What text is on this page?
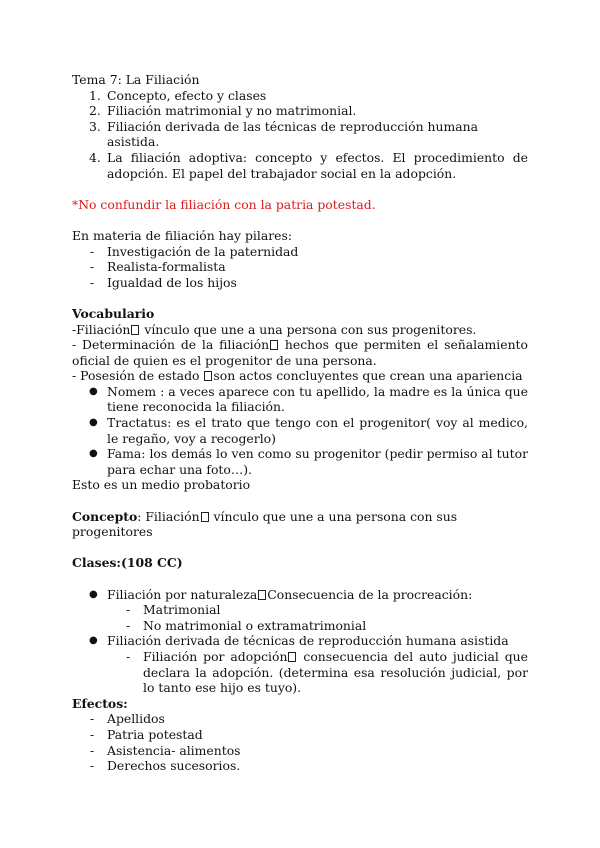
Tema 7: La Filiación

1. Concepto, efecto y clases
2. Filiación matrimonial y no matrimonial.
3. Filiación derivada de las técnicas de reproducción humana asistida.
4. La filiación adoptiva: concepto y efectos. El procedimiento de adopción. El papel del trabajador social en la adopción.

*No confundir la filiación con la patria potestad.

En materia de filiación hay pilares:

- Investigación de la paternidad
- Realista-formalista
- Igualdad de los hijos

Vocabulario

-Filiación vínculo que une a una persona con sus progenitores.

- Determinación de la filiación hechos que permiten el señalamiento oficial de quien es el progenitor de una persona.

- Posesión de estado son actos concluyentes que crean una apariencia

● Nomem : a veces aparece con tu apellido, la madre es la única que tiene reconocida la filiación.
● Tractatus: es el trato que tengo con el progenitor( voy al medico, le regaño, voy a recogerlo)
● Fama: los demás lo ven como su progenitor (pedir permiso al tutor para echar una foto…).

Esto es un medio probatorio

Concepto: Filiación vínculo que une a una persona con sus progenitores

Clases:(108 CC)

● Filiación por naturaleza Consecuencia de la procreación:
- Matrimonial
- No matrimonial o extramatrimonial
● Filiación derivada de técnicas de reproducción humana asistida
- Filiación por adopción consecuencia del auto judicial que declara la adopción. (determina esa resolución judicial, por lo tanto ese hijo es tuyo).

Efectos:

- Apellidos
- Patria potestad
- Asistencia- alimentos
- Derechos sucesorios.
